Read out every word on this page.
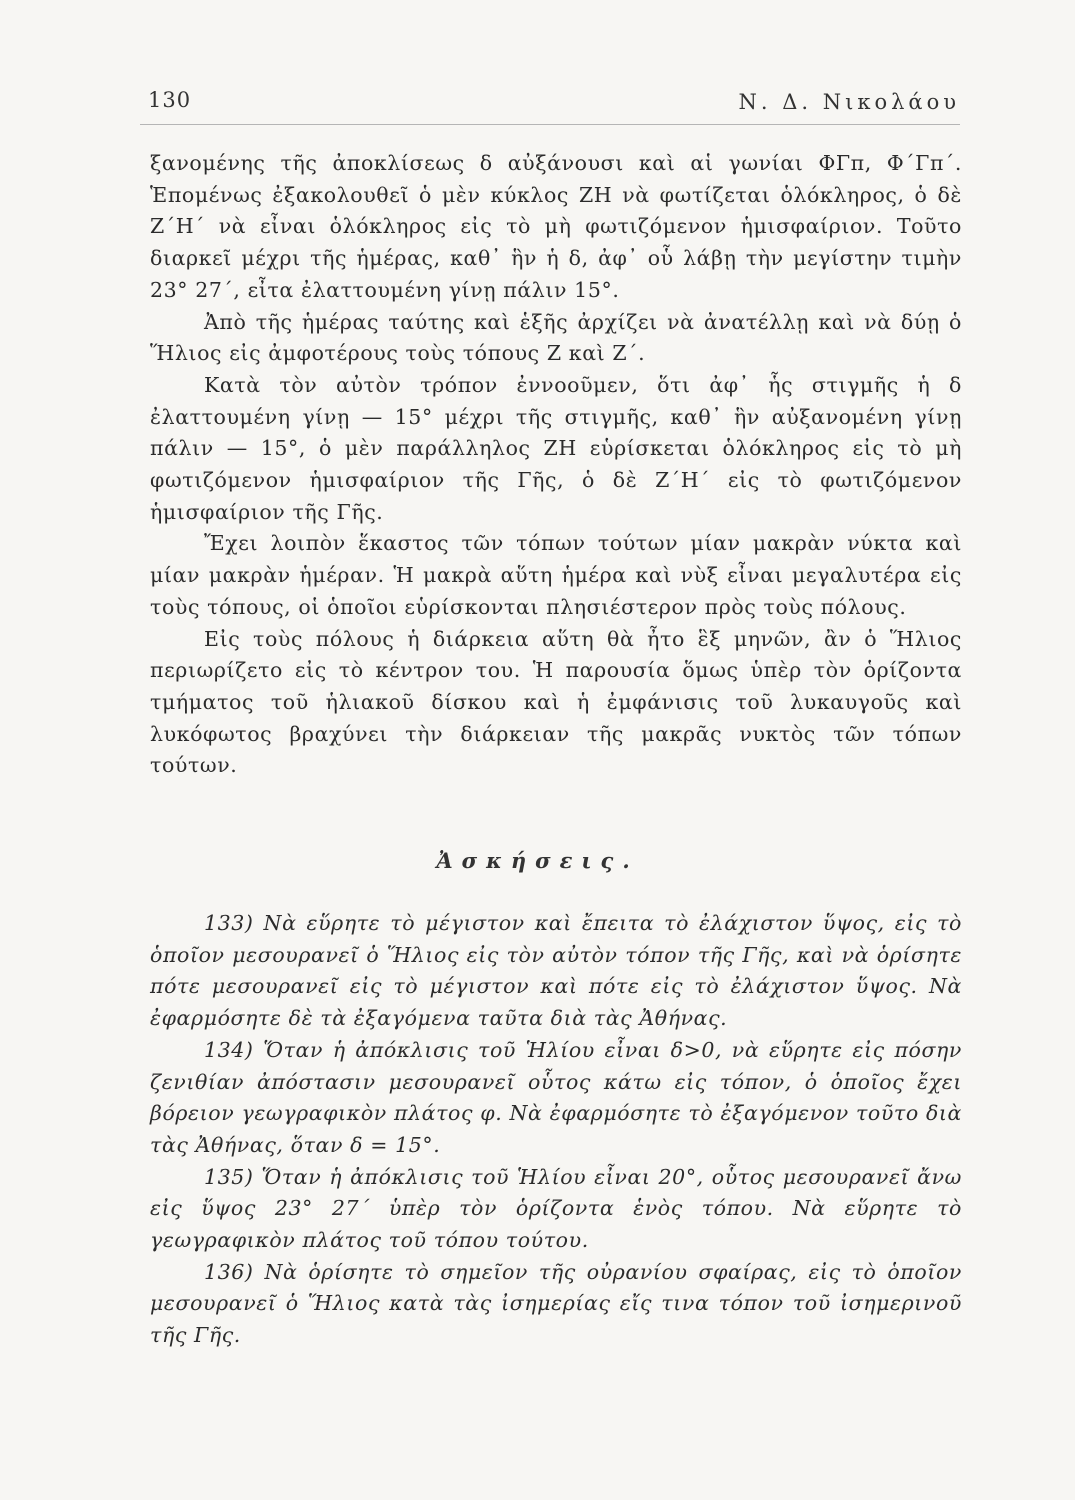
130	Ν. Δ. Νικολάου

ξανομένης τῆς ἀποκλίσεως δ αὐξάνουσι καὶ αἱ γωνίαι ΦΓπ, Φ΄Γπ΄. Ἑπομένως ἐξακολουθεῖ ὁ μὲν κύκλος ΖΗ νὰ φωτίζεται ὁλόκληρος, ὁ δὲ Ζ΄Η΄ νὰ εἶναι ὁλόκληρος εἰς τὸ μὴ φωτιζόμενον ἡμισφαίριον. Τοῦτο διαρκεῖ μέχρι τῆς ἡμέρας, καθ᾽ ἣν ἡ δ, ἀφ᾽ οὗ λάβῃ τὴν μεγίστην τιμὴν 23° 27΄, εἶτα ἐλαττουμένη γίνῃ πάλιν 15°.

Ἀπὸ τῆς ἡμέρας ταύτης καὶ ἑξῆς ἀρχίζει νὰ ἀνατέλλῃ καὶ νὰ δύῃ ὁ Ἥλιος εἰς ἀμφοτέρους τοὺς τόπους Ζ καὶ Ζ΄.

Κατὰ τὸν αὐτὸν τρόπον ἐννοοῦμεν, ὅτι ἀφ᾽ ἧς στιγμῆς ἡ δ ἐλαττουμένη γίνῃ — 15° μέχρι τῆς στιγμῆς, καθ᾽ ἣν αὐξανομένη γίνῃ πάλιν — 15°, ὁ μὲν παράλληλος ΖΗ εὑρίσκεται ὁλόκληρος εἰς τὸ μὴ φωτιζόμενον ἡμισφαίριον τῆς Γῆς, ὁ δὲ Ζ΄Η΄ εἰς τὸ φωτιζόμενον ἡμισφαίριον τῆς Γῆς.

Ἔχει λοιπὸν ἕκαστος τῶν τόπων τούτων μίαν μακρὰν νύκτα καὶ μίαν μακρὰν ἡμέραν. Ἡ μακρὰ αὕτη ἡμέρα καὶ νὺξ εἶναι μεγαλυτέρα εἰς τοὺς τόπους, οἱ ὁποῖοι εὑρίσκονται πλησιέστερον πρὸς τοὺς πόλους.

Εἰς τοὺς πόλους ἡ διάρκεια αὕτη θὰ ἦτο ἓξ μηνῶν, ἂν ὁ Ἥλιος περιωρίζετο εἰς τὸ κέντρον του. Ἡ παρουσία ὅμως ὑπὲρ τὸν ὁρίζοντα τμήματος τοῦ ἡλιακοῦ δίσκου καὶ ἡ ἐμφάνισις τοῦ λυκαυγοῦς καὶ λυκόφωτος βραχύνει τὴν διάρκειαν τῆς μακρᾶς νυκτὸς τῶν τόπων τούτων.

Ἀσκήσεις.

133) Νὰ εὕρητε τὸ μέγιστον καὶ ἔπειτα τὸ ἐλάχιστον ὕψος, εἰς τὸ ὁποῖον μεσουρανεῖ ὁ Ἥλιος εἰς τὸν αὐτὸν τόπον τῆς Γῆς, καὶ νὰ ὁρίσητε πότε μεσουρανεῖ εἰς τὸ μέγιστον καὶ πότε εἰς τὸ ἐλάχιστον ὕψος. Νὰ ἐφαρμόσητε δὲ τὰ ἐξαγόμενα ταῦτα διὰ τὰς Ἀθήνας.

134) Ὅταν ἡ ἀπόκλισις τοῦ Ἡλίου εἶναι δ>0, νὰ εὕρητε εἰς πόσην ζενιθίαν ἀπόστασιν μεσουρανεῖ οὗτος κάτω εἰς τόπον, ὁ ὁποῖος ἔχει βόρειον γεωγραφικὸν πλάτος φ. Νὰ ἐφαρμόσητε τὸ ἐξαγόμενον τοῦτο διὰ τὰς Ἀθήνας, ὅταν δ = 15°.

135) Ὅταν ἡ ἀπόκλισις τοῦ Ἡλίου εἶναι 20°, οὗτος μεσουρανεῖ ἄνω εἰς ὕψος 23° 27΄ ὑπὲρ τὸν ὁρίζοντα ἑνὸς τόπου. Νὰ εὕρητε τὸ γεωγραφικὸν πλάτος τοῦ τόπου τούτου.

136) Νὰ ὁρίσητε τὸ σημεῖον τῆς οὐρανίου σφαίρας, εἰς τὸ ὁποῖον μεσουρανεῖ ὁ Ἥλιος κατὰ τὰς ἰσημερίας εἴς τινα τόπον τοῦ ἰσημερινοῦ τῆς Γῆς.
